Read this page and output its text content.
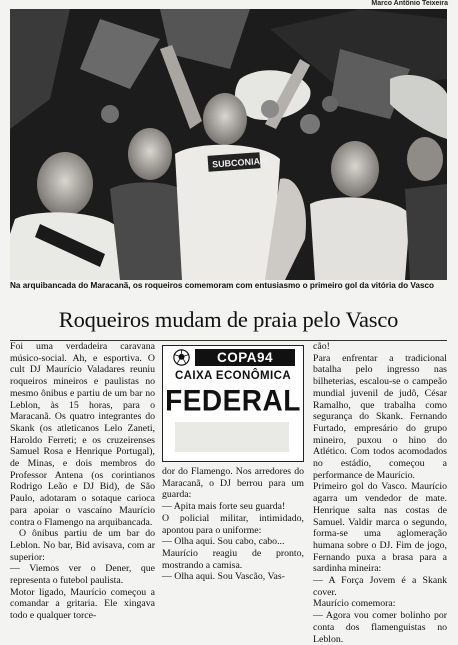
Marco Antônio Teixeira
SUBCONIAM
Na arquibancada do Maracanã, os roqueiros comemoram com entusiasmo o primeiro gol da vitória do Vasco
Roqueiros mudam de praia pelo Vasco

Foi uma verdadeira caravana músico-social. Ah, e esportiva. O cult DJ Maurício Valadares reuniu roqueiros mineiros e paulistas no mesmo ônibus e partiu de um bar no Leblon, às 15 horas, para o Maracanã. Os quatro integrantes do Skank (os atleticanos Lelo Zaneti, Haroldo Ferreti; e os cruzeirenses Samuel Rosa e Henrique Portugal), de Minas, e dois membros do Professor Antena (os corintianos Rodrigo Leão e DJ Bid), de São Paulo, adotaram o sotaque carioca para apoiar o vascaíno Maurício contra o Flamengo na arquibancada.

O ônibus partiu de um bar do Leblon. No bar, Bid avisava, com ar superior:

— Viemos ver o Dener, que representa o futebol paulista.

Motor ligado, Maurício começou a comandar a gritaria. Ele xingava todo e qualquer torce-

COPA94
CAIXA ECONÔMICA
FEDERAL

dor do Flamengo. Nos arredores do Maracanã, o DJ berrou para um guarda:

— Apita mais forte seu guarda!

O policial militar, intimidado, apontou para o uniforme:

— Olha aqui. Sou cabo, cabo...

Maurício reagiu de pronto, mostrando a camisa.

— Olha aqui. Sou Vascão, Vas-

cão!

Para enfrentar a tradicional batalha pelo ingresso nas bilheterias, escalou-se o campeão mundial juvenil de judô, César Ramalho, que trabalha como segurança do Skank. Fernando Furtado, empresário do grupo mineiro, puxou o hino do Atlético. Com todos acomodados no estádio, começou a performance de Maurício.

Primeiro gol do Vasco. Maurício agarra um vendedor de mate. Henrique salta nas costas de Samuel. Valdir marca o segundo, forma-se uma aglomeração humana sobre o DJ. Fim de jogo, Fernando puxa a brasa para a sardinha mineira:

— A Força Jovem é a Skank cover.

Maurício comemora:

— Agora vou comer bolinho por conta dos flamenguistas no Leblon.
